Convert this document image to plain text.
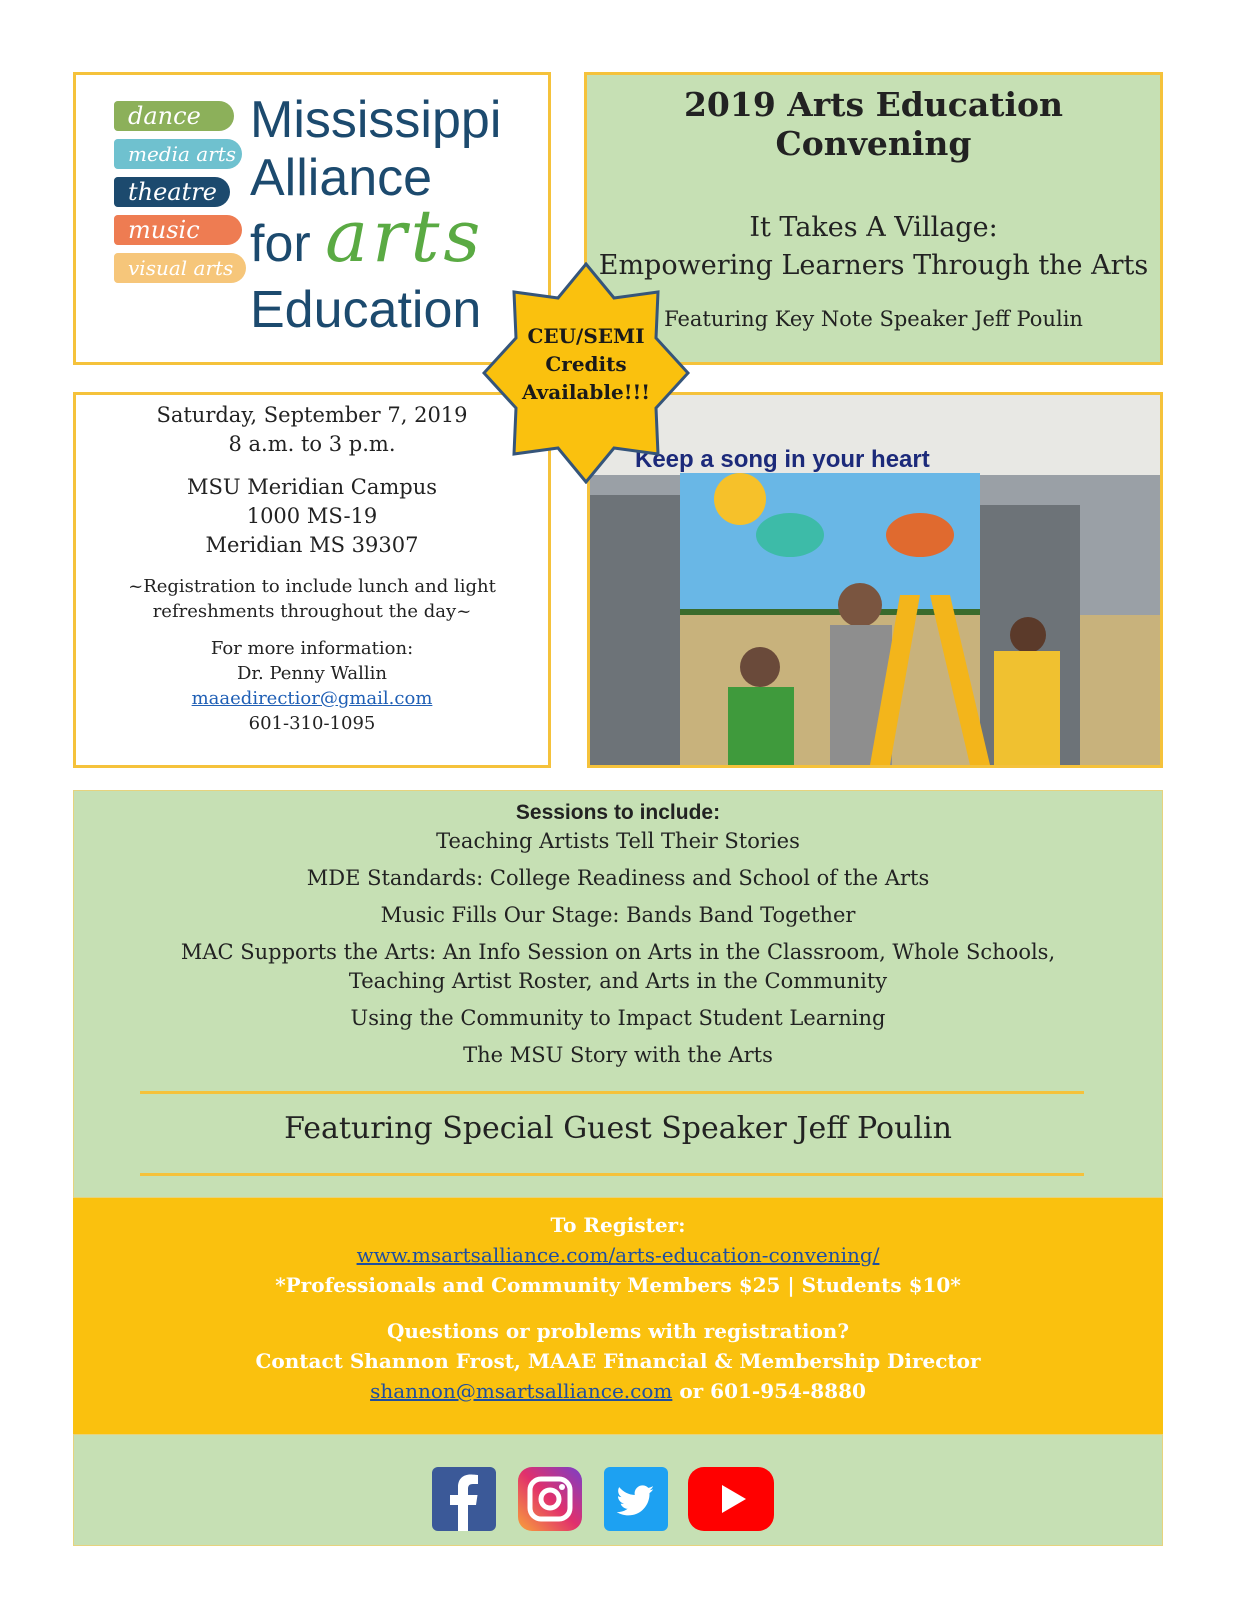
dance
media arts
theatre
music
visual arts
Mississippi
Alliance
for arts
Education
2019 Arts Education Convening
It Takes A Village:
Empowering Learners Through the Arts
Featuring Key Note Speaker Jeff Poulin
Saturday, September 7, 2019
8 a.m. to 3 p.m.
MSU Meridian Campus
1000 MS-19
Meridian MS 39307
~Registration to include lunch and light
refreshments throughout the day~
For more information:
Dr. Penny Wallin
maaedirectior@gmail.com
601-310-1095
Keep a song in your heart
CEU/SEMI
Credits
Available!!!
Sessions to include:
Teaching Artists Tell Their Stories
MDE Standards: College Readiness and School of the Arts
Music Fills Our Stage: Bands Band Together
MAC Supports the Arts: An Info Session on Arts in the Classroom, Whole Schools, Teaching Artist Roster, and Arts in the Community
Using the Community to Impact Student Learning
The MSU Story with the Arts
Featuring Special Guest Speaker Jeff Poulin
To Register:
www.msartsalliance.com/arts-education-convening/
*Professionals and Community Members $25 | Students $10*
Questions or problems with registration?
Contact Shannon Frost, MAAE Financial & Membership Director
shannon@msartsalliance.com or 601-954-8880
